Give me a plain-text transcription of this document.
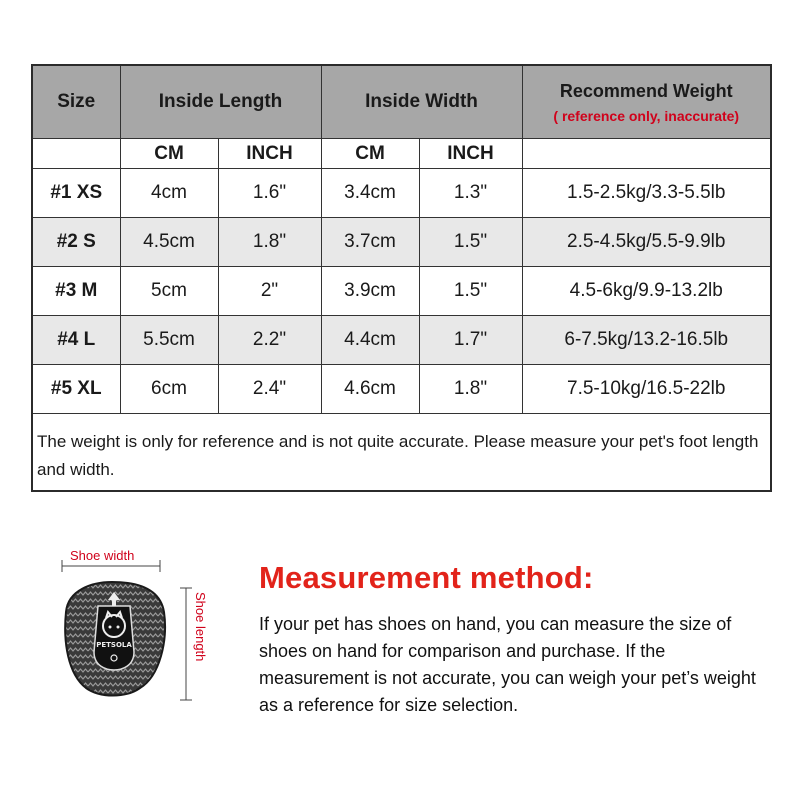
Size	Inside Length		Inside Width		Recommend Weight
( reference only, inaccurate)

	CM	INCH	CM	INCH	
#1 XS	4cm	1.6"	3.4cm	1.3"	1.5-2.5kg/3.3-5.5lb
#2 S	4.5cm	1.8"	3.7cm	1.5"	2.5-4.5kg/5.5-9.9lb
#3 M	5cm	2"	3.9cm	1.5"	4.5-6kg/9.9-13.2lb
#4 L	5.5cm	2.2"	4.4cm	1.7"	6-7.5kg/13.2-16.5lb
#5 XL	6cm	2.4"	4.6cm	1.8"	7.5-10kg/16.5-22lb
The weight is only for reference and is not quite accurate. Please measure your pet's foot length and width.
PETSOLA
Shoe width
Shoe length
Measurement method:
If your pet has shoes on hand, you can measure the size of shoes on hand for comparison and purchase. If the measurement is not accurate, you can weigh your pet’s weight as a reference for size selection.
